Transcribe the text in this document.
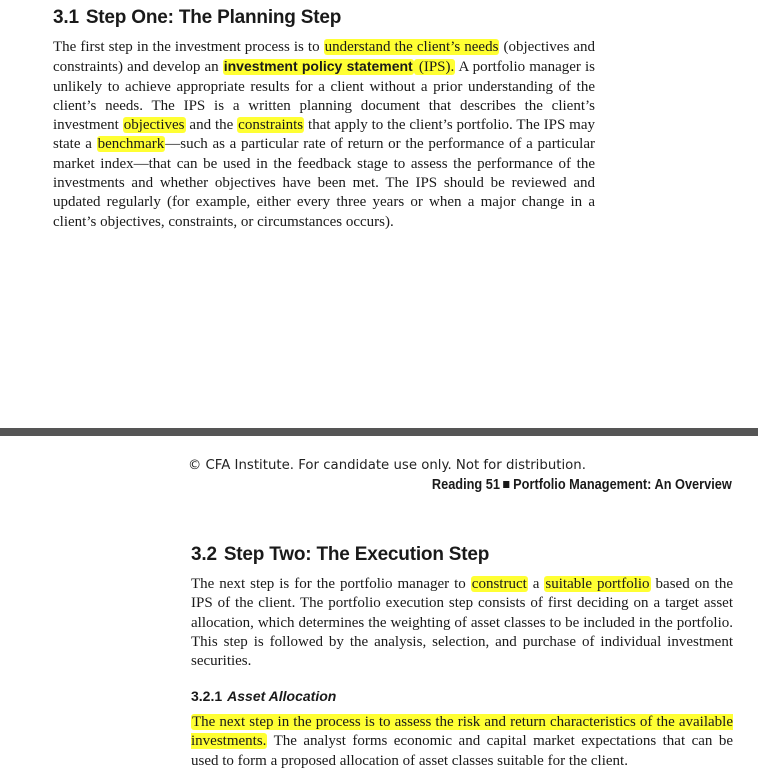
3.1 Step One: The Planning Step

The first step in the investment process is to understand the client’s needs (objectives and constraints) and develop an investment policy statement (IPS). A portfolio manager is unlikely to achieve appropriate results for a client without a prior understanding of the client’s needs. The IPS is a written planning document that describes the client’s investment objectives and the constraints that apply to the client’s portfolio. The IPS may state a benchmark—such as a particular rate of return or the performance of a particular market index—that can be used in the feedback stage to assess the performance of the investments and whether objectives have been met. The IPS should be reviewed and updated regularly (for example, either every three years or when a major change in a client’s objectives, constraints, or circumstances occurs).

© CFA Institute. For candidate use only. Not for distribution.

Reading 51 Portfolio Management: An Overview

3.2 Step Two: The Execution Step

The next step is for the portfolio manager to construct a suitable portfolio based on the IPS of the client. The portfolio execution step consists of first deciding on a target asset allocation, which determines the weighting of asset classes to be included in the portfolio. This step is followed by the analysis, selection, and purchase of individual investment securities.

3.2.1 Asset Allocation

The next step in the process is to assess the risk and return characteristics of the available investments. The analyst forms economic and capital market expectations that can be used to form a proposed allocation of asset classes suitable for the client.
